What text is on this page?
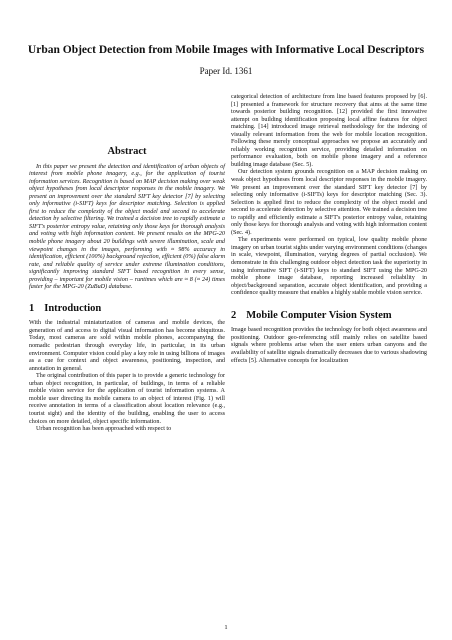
Urban Object Detection from Mobile Images with Informative Local Descriptors
Paper Id. 1361
Abstract

In this paper we present the detection and identification of urban objects of interest from mobile phone imagery, e.g., for the application of tourist information services. Recognition is based on MAP decision making over weak object hypotheses from local descriptor responses in the mobile imagery. We present an improvement over the standard SIFT key detector [7] by selecting only informative (i-SIFT) keys for descriptor matching. Selection is applied first to reduce the complexity of the object model and second to accelerate detection by selective filtering. We trained a decision tree to rapidly estimate a SIFT's posterior entropy value, retaining only those keys for thorough analysis and voting with high information content. We present results on the MPG-20 mobile phone imagery about 20 buildings with severe illumination, scale and viewpoint changes in the images, performing with ≈ 98% accuracy in identification, efficient (100%) background rejection, efficient (0%) false alarm rate, and reliable quality of service under extreme illumination conditions, significantly improving standard SIFT based recognition in every sense, providing – important for mobile vision – runtimes which are ≈ 8 (≈ 24) times faster for the MPG-20 (ZuBuD) database.

1 Introduction

With the industrial miniaturization of cameras and mobile devices, the generation of and access to digital visual information has become ubiquitous. Today, most cameras are sold within mobile phones, accompanying the nomadic pedestrian through everyday life, in particular, in its urban environment. Computer vision could play a key role in using billions of images as a cue for context and object awareness, positioning, inspection, and annotation in general.

The original contribution of this paper is to provide a generic technology for urban object recognition, in particular, of buildings, in terms of a reliable mobile vision service for the application of tourist information systems. A mobile user directing its mobile camera to an object of interest (Fig. 1) will receive annotation in terms of a classification about location relevance (e.g., tourist sight) and the identity of the building, enabling the user to access choices on more detailed, object specific information.

Urban recognition has been approached with respect to

categorical detection of architecture from line based features proposed by [6]. [1] presented a framework for structure recovery that aims at the same time towards posterior building recognition. [12] provided the first innovative attempt on building identification proposing local affine features for object matching. [14] introduced image retrieval methodology for the indexing of visually relevant information from the web for mobile location recognition. Following these merely conceptual approaches we propose an accurately and reliably working recognition service, providing detailed information on performance evaluation, both on mobile phone imagery and a reference building image database (Sec. 5).

Our detection system grounds recognition on a MAP decision making on weak object hypotheses from local descriptor responses in the mobile imagery. We present an improvement over the standard SIFT key detector [7] by selecting only informative (i-SIFTs) keys for descriptor matching (Sec. 3). Selection is applied first to reduce the complexity of the object model and second to accelerate detection by selective attention. We trained a decision tree to rapidly and efficiently estimate a SIFT's posterior entropy value, retaining only those keys for thorough analysis and voting with high information content (Sec. 4).

The experiments were performed on typical, low quality mobile phone imagery on urban tourist sights under varying environment conditions (changes in scale, viewpoint, illumination, varying degrees of partial occlusion). We demonstrate in this challenging outdoor object detection task the superiority in using informative SIFT (i-SIFT) keys to standard SIFT using the MPG-20 mobile phone image database, reporting increased reliability in object/background separation, accurate object identification, and providing a confidence quality measure that enables a highly stable mobile vision service.

2 Mobile Computer Vision System

Image based recognition provides the technology for both object awareness and positioning. Outdoor geo-referencing still mainly relies on satellite based signals where problems arise when the user enters urban canyons and the availability of satellite signals dramatically decreases due to various shadowing effects [5]. Alternative concepts for localization

1
